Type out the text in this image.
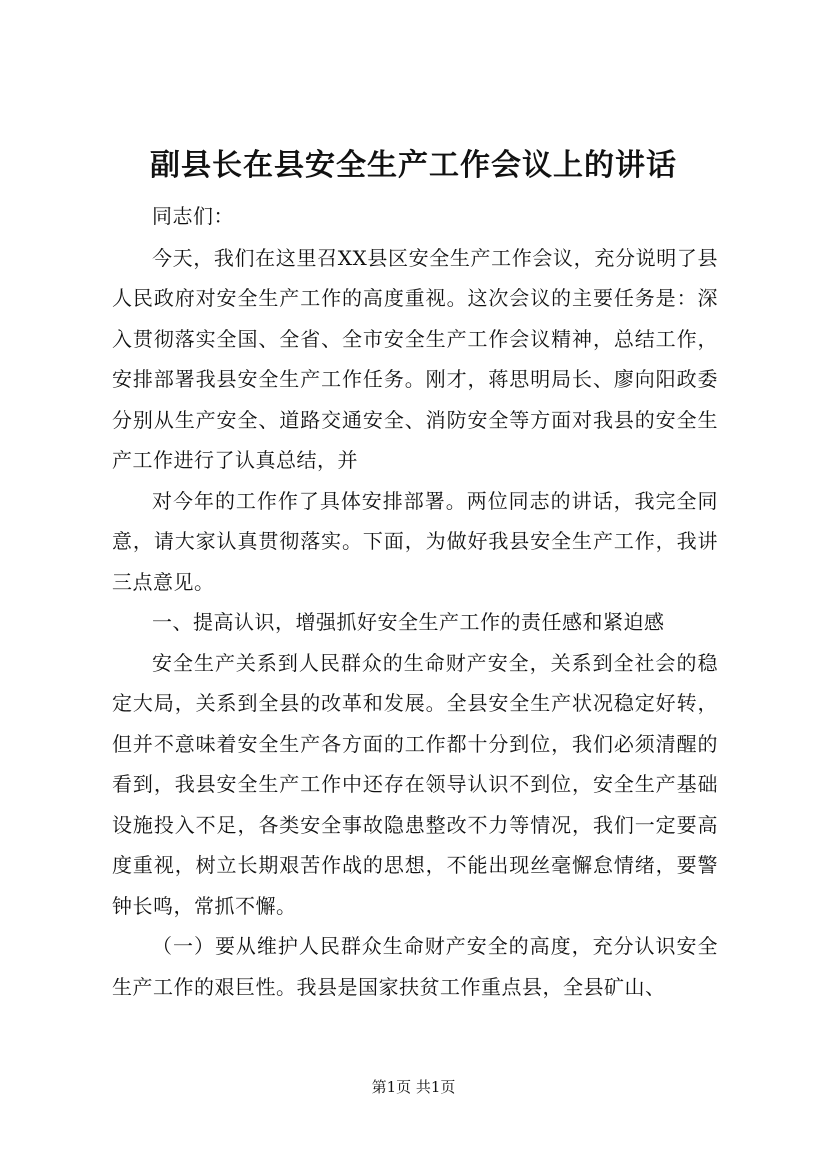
副县长在县安全生产工作会议上的讲话

同志们：

今天，我们在这里召XX县区安全生产工作会议，充分说明了县人民政府对安全生产工作的高度重视。这次会议的主要任务是：深入贯彻落实全国、全省、全市安全生产工作会议精神，总结工作，安排部署我县安全生产工作任务。刚才，蒋思明局长、廖向阳政委分别从生产安全、道路交通安全、消防安全等方面对我县的安全生产工作进行了认真总结，并

对今年的工作作了具体安排部署。两位同志的讲话，我完全同意，请大家认真贯彻落实。下面，为做好我县安全生产工作，我讲三点意见。

一、提高认识，增强抓好安全生产工作的责任感和紧迫感

安全生产关系到人民群众的生命财产安全，关系到全社会的稳定大局，关系到全县的改革和发展。全县安全生产状况稳定好转，但并不意味着安全生产各方面的工作都十分到位，我们必须清醒的看到，我县安全生产工作中还存在领导认识不到位，安全生产基础设施投入不足，各类安全事故隐患整改不力等情况，我们一定要高度重视，树立长期艰苦作战的思想，不能出现丝毫懈怠情绪，要警钟长鸣，常抓不懈。

（一）要从维护人民群众生命财产安全的高度，充分认识安全生产工作的艰巨性。我县是国家扶贫工作重点县，全县矿山、

第1页 共1页
